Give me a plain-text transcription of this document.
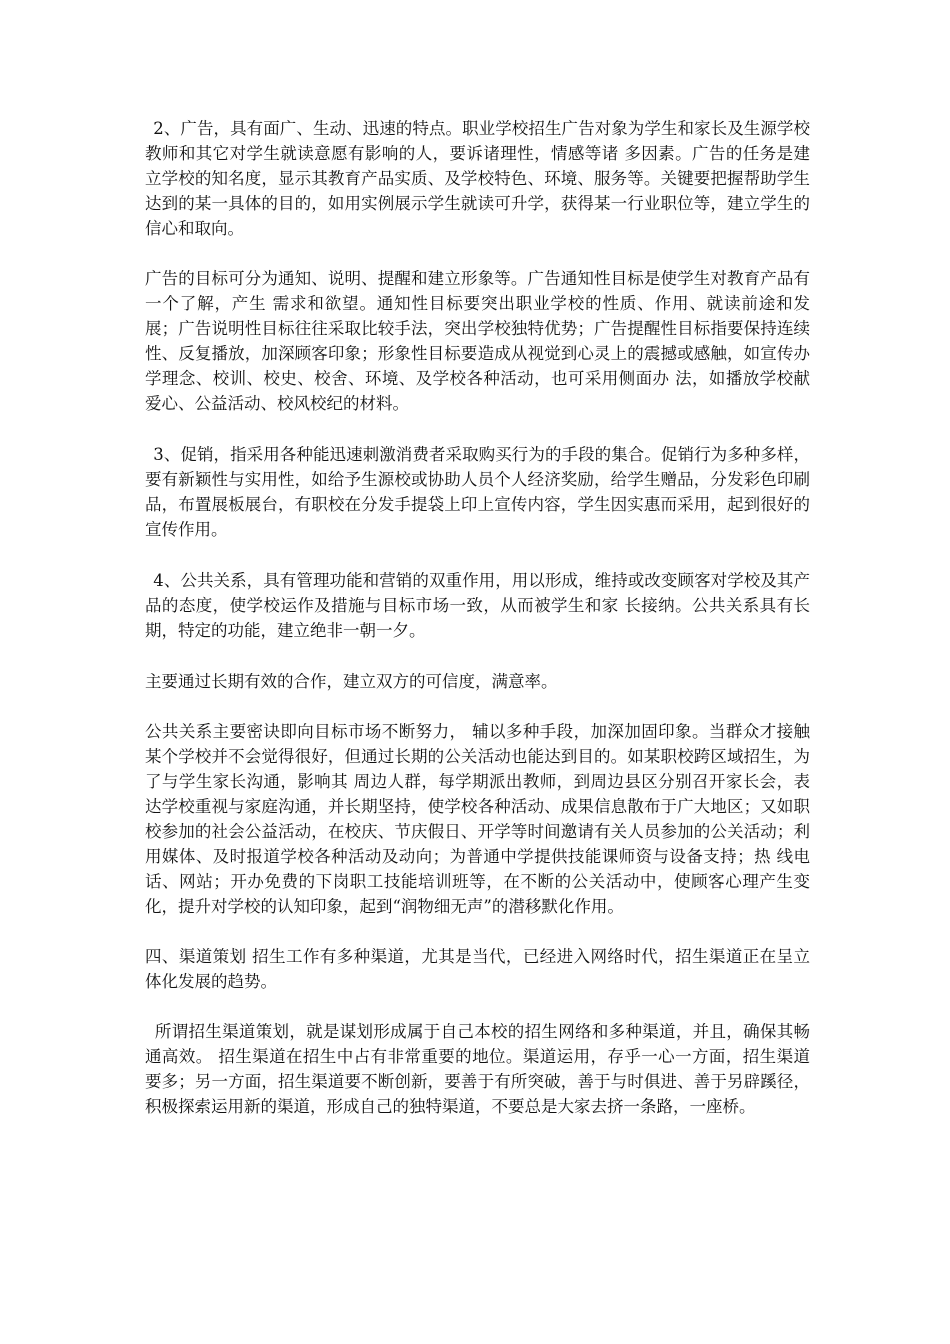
2、广告，具有面广、生动、迅速的特点。职业学校招生广告对象为学生和家长及生源学校教师和其它对学生就读意愿有影响的人，要诉诸理性，情感等诸 多因素。广告的任务是建立学校的知名度，显示其教育产品实质、及学校特色、环境、服务等。关键要把握帮助学生达到的某一具体的目的，如用实例展示学生就读可升学，获得某一行业职位等，建立学生的信心和取向。

广告的目标可分为通知、说明、提醒和建立形象等。广告通知性目标是使学生对教育产品有一个了解，产生 需求和欲望。通知性目标要突出职业学校的性质、作用、就读前途和发展；广告说明性目标往往采取比较手法，突出学校独特优势；广告提醒性目标指要保持连续 性、反复播放，加深顾客印象；形象性目标要造成从视觉到心灵上的震撼或感触，如宣传办学理念、校训、校史、校舍、环境、及学校各种活动，也可采用侧面办 法，如播放学校献爱心、公益活动、校风校纪的材料。

3、促销，指采用各种能迅速刺激消费者采取购买行为的手段的集合。促销行为多种多样，要有新颖性与实用性，如给予生源校或协助人员个人经济奖励，给学生赠品，分发彩色印刷品，布置展板展台，有职校在分发手提袋上印上宣传内容，学生因实惠而采用，起到很好的宣传作用。

4、公共关系，具有管理功能和营销的双重作用，用以形成，维持或改变顾客对学校及其产品的态度，使学校运作及措施与目标市场一致，从而被学生和家 长接纳。公共关系具有长期，特定的功能，建立绝非一朝一夕。

主要通过长期有效的合作，建立双方的可信度，满意率。

公共关系主要密诀即向目标市场不断努力， 辅以多种手段，加深加固印象。当群众才接触某个学校并不会觉得很好，但通过长期的公关活动也能达到目的。如某职校跨区域招生，为了与学生家长沟通，影响其 周边人群，每学期派出教师，到周边县区分别召开家长会，表达学校重视与家庭沟通，并长期坚持，使学校各种活动、成果信息散布于广大地区；又如职校参加的社会公益活动，在校庆、节庆假日、开学等时间邀请有关人员参加的公关活动；利用媒体、及时报道学校各种活动及动向；为普通中学提供技能课师资与设备支持；热 线电话、网站；开办免费的下岗职工技能培训班等，在不断的公关活动中，使顾客心理产生变化，提升对学校的认知印象，起到“润物细无声”的潜移默化作用。

四、渠道策划 招生工作有多种渠道，尤其是当代，已经进入网络时代，招生渠道正在呈立体化发展的趋势。

所谓招生渠道策划，就是谋划形成属于自己本校的招生网络和多种渠道，并且，确保其畅通高效。 招生渠道在招生中占有非常重要的地位。渠道运用，存乎一心一方面，招生渠道要多；另一方面，招生渠道要不断创新，要善于有所突破，善于与时俱进、善于另辟蹊径，积极探索运用新的渠道，形成自己的独特渠道，不要总是大家去挤一条路，一座桥。
